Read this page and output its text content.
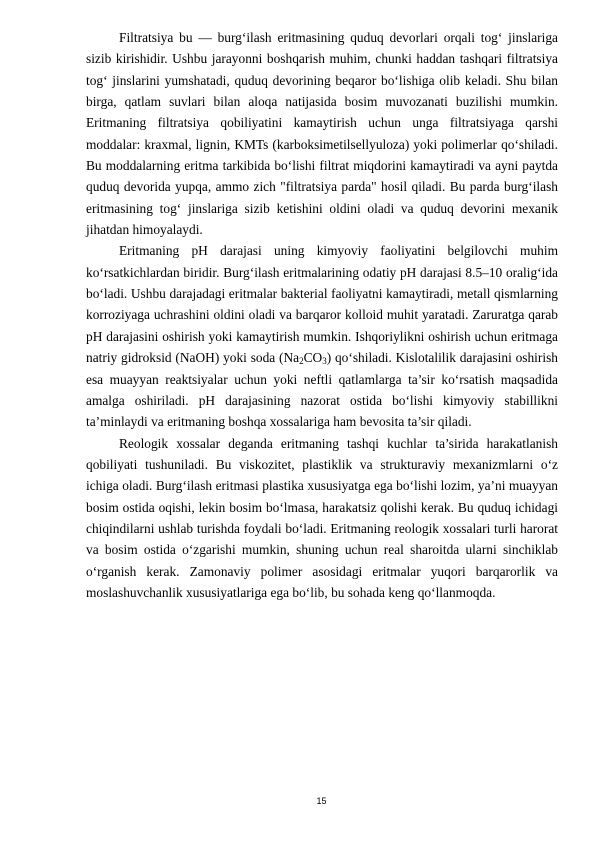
Filtratsiya bu — burg‘ilash eritmasining quduq devorlari orqali tog‘ jinslariga sizib kirishidir. Ushbu jarayonni boshqarish muhim, chunki haddan tashqari filtratsiya tog‘ jinslarini yumshatadi, quduq devorining beqaror bo‘lishiga olib keladi. Shu bilan birga, qatlam suvlari bilan aloqa natijasida bosim muvozanati buzilishi mumkin. Eritmaning filtratsiya qobiliyatini kamaytirish uchun unga filtratsiyaga qarshi moddalar: kraxmal, lignin, KMTs (karboksimetilsellyuloza) yoki polimerlar qo‘shiladi. Bu moddalarning eritma tarkibida bo‘lishi filtrat miqdorini kamaytiradi va ayni paytda quduq devorida yupqa, ammo zich "filtratsiya parda" hosil qiladi. Bu parda burg‘ilash eritmasining tog‘ jinslariga sizib ketishini oldini oladi va quduq devorini mexanik jihatdan himoyalaydi.

Eritmaning pH darajasi uning kimyoviy faoliyatini belgilovchi muhim ko‘rsatkichlardan biridir. Burg‘ilash eritmalarining odatiy pH darajasi 8.5–10 oralig‘ida bo‘ladi. Ushbu darajadagi eritmalar bakterial faoliyatni kamaytiradi, metall qismlarning korroziyaga uchrashini oldini oladi va barqaror kolloid muhit yaratadi. Zaruratga qarab pH darajasini oshirish yoki kamaytirish mumkin. Ishqoriylikni oshirish uchun eritmaga natriy gidroksid (NaOH) yoki soda $(Na_2CO_3)$ qo‘shiladi. Kislotalilik darajasini oshirish esa muayyan reaktsiyalar uchun yoki neftli qatlamlarga ta’sir ko‘rsatish maqsadida amalga oshiriladi. pH darajasining nazorat ostida bo‘lishi kimyoviy stabillikni ta’minlaydi va eritmaning boshqa xossalariga ham bevosita ta’sir qiladi.

Reologik xossalar deganda eritmaning tashqi kuchlar ta’sirida harakatlanish qobiliyati tushuniladi. Bu viskozitet, plastiklik va strukturaviy mexanizmlarni o‘z ichiga oladi. Burg‘ilash eritmasi plastika xususiyatga ega bo‘lishi lozim, ya’ni muayyan bosim ostida oqishi, lekin bosim bo‘lmasa, harakatsiz qolishi kerak. Bu quduq ichidagi chiqindilarni ushlab turishda foydali bo‘ladi. Eritmaning reologik xossalari turli harorat va bosim ostida o‘zgarishi mumkin, shuning uchun real sharoitda ularni sinchiklab o‘rganish kerak. Zamonaviy polimer asosidagi eritmalar yuqori barqarorlik va moslashuvchanlik xususiyatlariga ega bo‘lib, bu sohada keng qo‘llanmoqda.

15
